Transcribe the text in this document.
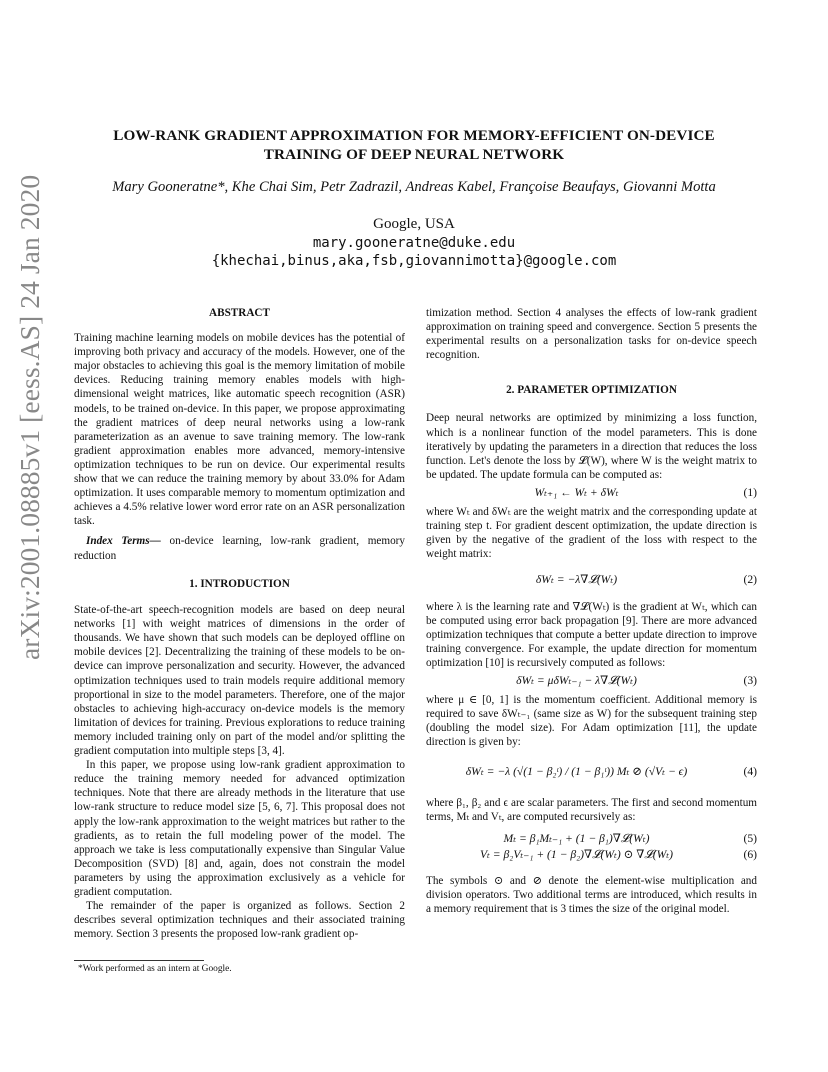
LOW-RANK GRADIENT APPROXIMATION FOR MEMORY-EFFICIENT ON-DEVICE
TRAINING OF DEEP NEURAL NETWORK
Mary Gooneratne*, Khe Chai Sim, Petr Zadrazil, Andreas Kabel, Françoise Beaufays, Giovanni Motta
Google, USA
mary.gooneratne@duke.edu
{khechai,binus,aka,fsb,giovannimotta}@google.com
arXiv:2001.08885v1 [eess.AS] 24 Jan 2020	ABSTRACT

Training machine learning models on mobile devices has the potential of improving both privacy and accuracy of the models. However, one of the major obstacles to achieving this goal is the memory limitation of mobile devices. Reducing training memory enables models with high-dimensional weight matrices, like automatic speech recognition (ASR) models, to be trained on-device. In this paper, we propose approximating the gradient matrices of deep neural networks using a low-rank parameterization as an avenue to save training memory. The low-rank gradient approximation enables more advanced, memory-intensive optimization techniques to be run on device. Our experimental results show that we can reduce the training memory by about 33.0% for Adam optimization. It uses comparable memory to momentum optimization and achieves a 4.5% relative lower word error rate on an ASR personalization task.

Index Terms— on-device learning, low-rank gradient, memory reduction

1. INTRODUCTION

State-of-the-art speech-recognition models are based on deep neural networks [1] with weight matrices of dimensions in the order of thousands. We have shown that such models can be deployed offline on mobile devices [2]. Decentralizing the training of these models to be on-device can improve personalization and security. However, the advanced optimization techniques used to train models require additional memory proportional in size to the model parameters. Therefore, one of the major obstacles to achieving high-accuracy on-device models is the memory limitation of devices for training. Previous explorations to reduce training memory included training only on part of the model and/or splitting the gradient computation into multiple steps [3, 4].

In this paper, we propose using low-rank gradient approximation to reduce the training memory needed for advanced optimization techniques. Note that there are already methods in the literature that use low-rank structure to reduce model size [5, 6, 7]. This proposal does not apply the low-rank approximation to the weight matrices but rather to the gradients, as to retain the full modeling power of the model. The approach we take is less computationally expensive than Singular Value Decomposition (SVD) [8] and, again, does not constrain the model parameters by using the approximation exclusively as a vehicle for gradient computation.

The remainder of the paper is organized as follows. Section 2 describes several optimization techniques and their associated training memory. Section 3 presents the proposed low-rank gradient op-

*Work performed as an intern at Google.

timization method. Section 4 analyses the effects of low-rank gradient approximation on training speed and convergence. Section 5 presents the experimental results on a personalization tasks for on-device speech recognition.

2. PARAMETER OPTIMIZATION

Deep neural networks are optimized by minimizing a loss function, which is a nonlinear function of the model parameters. This is done iteratively by updating the parameters in a direction that reduces the loss function. Let's denote the loss by 𝓛(W), where W is the weight matrix to be updated. The update formula can be computed as:

Wₜ₊₁ ← Wₜ + δWₜ	(1)

where Wₜ and δWₜ are the weight matrix and the corresponding update at training step t. For gradient descent optimization, the update direction is given by the negative of the gradient of the loss with respect to the weight matrix:

δWₜ = −λ∇𝓛(Wₜ)	(2)

where λ is the learning rate and ∇𝓛(Wₜ) is the gradient at Wₜ, which can be computed using error back propagation [9]. There are more advanced optimization techniques that compute a better update direction to improve training convergence. For example, the update direction for momentum optimization [10] is recursively computed as follows:

δWₜ = μδWₜ₋₁ − λ∇𝓛(Wₜ)	(3)

where μ ∈ [0, 1] is the momentum coefficient. Additional memory is required to save δWₜ₋₁ (same size as W) for the subsequent training step (doubling the model size). For Adam optimization [11], the update direction is given by:

δWₜ = −λ (√(1 − β₂ᵗ) / (1 − β₁ᵗ)) Mₜ ⊘ (√Vₜ − ϵ)	(4)

where β₁, β₂ and ϵ are scalar parameters. The first and second momentum terms, Mₜ and Vₜ, are computed recursively as:

Mₜ = β₁Mₜ₋₁ + (1 − β₁)∇𝓛(Wₜ)	(5)
Vₜ = β₂Vₜ₋₁ + (1 − β₂)∇𝓛(Wₜ) ⊙ ∇𝓛(Wₜ)	(6)

The symbols ⊙ and ⊘ denote the element-wise multiplication and division operators. Two additional terms are introduced, which results in a memory requirement that is 3 times the size of the original model.
